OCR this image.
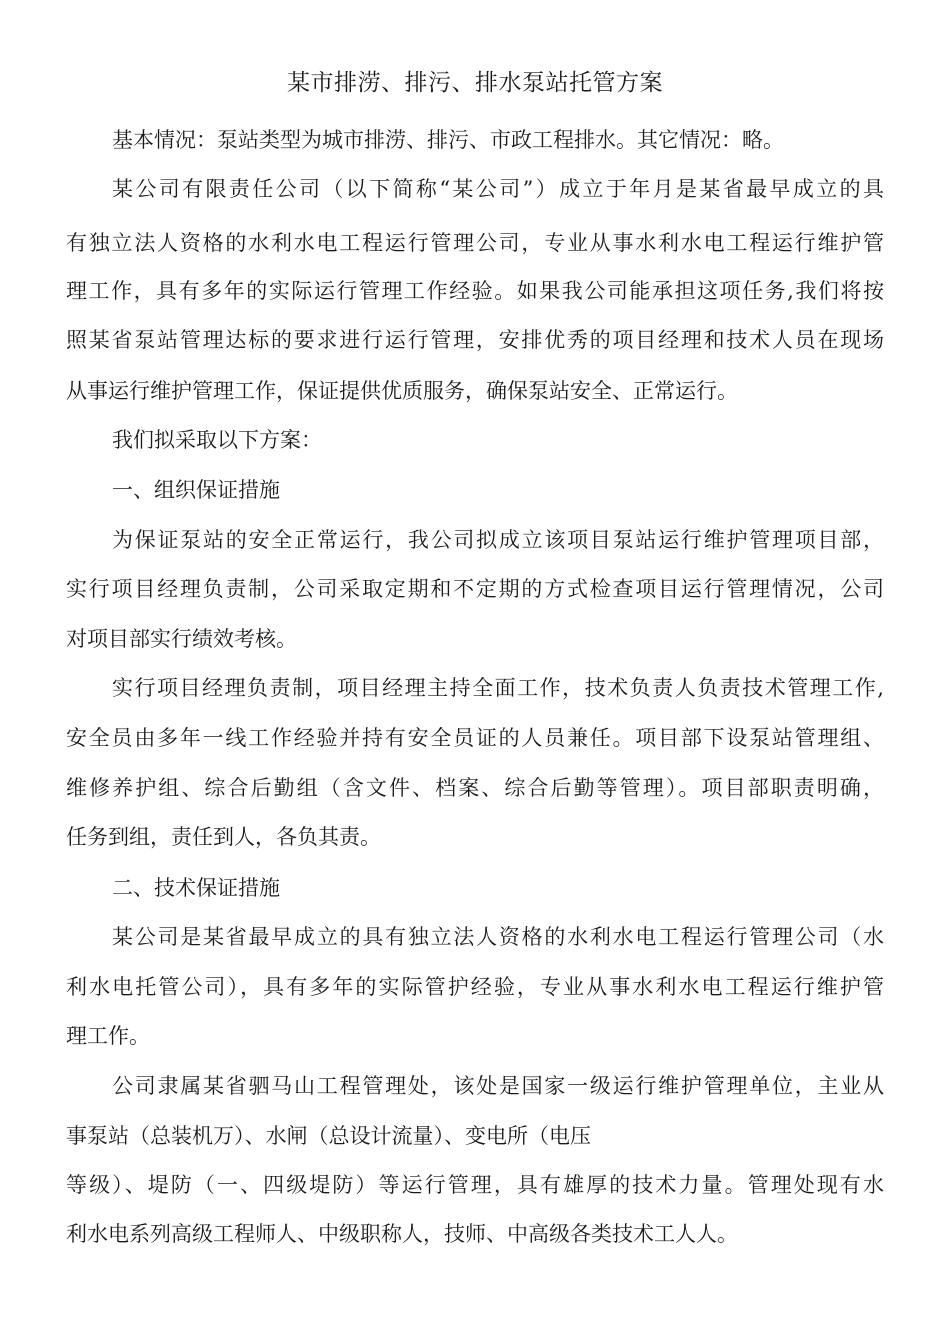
某市排涝、排污、排水泵站托管方案
基本情况：泵站类型为城市排涝、排污、市政工程排水。其它情况：略。
某公司有限责任公司（以下简称“某公司”）成立于年月是某省最早成立的具
有独立法人资格的水利水电工程运行管理公司，专业从事水利水电工程运行维护管
理工作，具有多年的实际运行管理工作经验。如果我公司能承担这项任务,我们将按
照某省泵站管理达标的要求进行运行管理，安排优秀的项目经理和技术人员在现场
从事运行维护管理工作，保证提供优质服务，确保泵站安全、正常运行。
我们拟采取以下方案：
一、组织保证措施
为保证泵站的安全正常运行，我公司拟成立该项目泵站运行维护管理项目部，
实行项目经理负责制，公司采取定期和不定期的方式检查项目运行管理情况，公司
对项目部实行绩效考核。
实行项目经理负责制，项目经理主持全面工作，技术负责人负责技术管理工作,
安全员由多年一线工作经验并持有安全员证的人员兼任。项目部下设泵站管理组、
维修养护组、综合后勤组（含文件、档案、综合后勤等管理）。项目部职责明确，
任务到组，责任到人，各负其责。
二、技术保证措施
某公司是某省最早成立的具有独立法人资格的水利水电工程运行管理公司（水
利水电托管公司），具有多年的实际管护经验，专业从事水利水电工程运行维护管
理工作。
公司隶属某省驷马山工程管理处，该处是国家一级运行维护管理单位，主业从
事泵站（总装机万）、水闸（总设计流量）、变电所（电压
等级）、堤防（一、四级堤防）等运行管理，具有雄厚的技术力量。管理处现有水
利水电系列高级工程师人、中级职称人，技师、中高级各类技术工人人。
